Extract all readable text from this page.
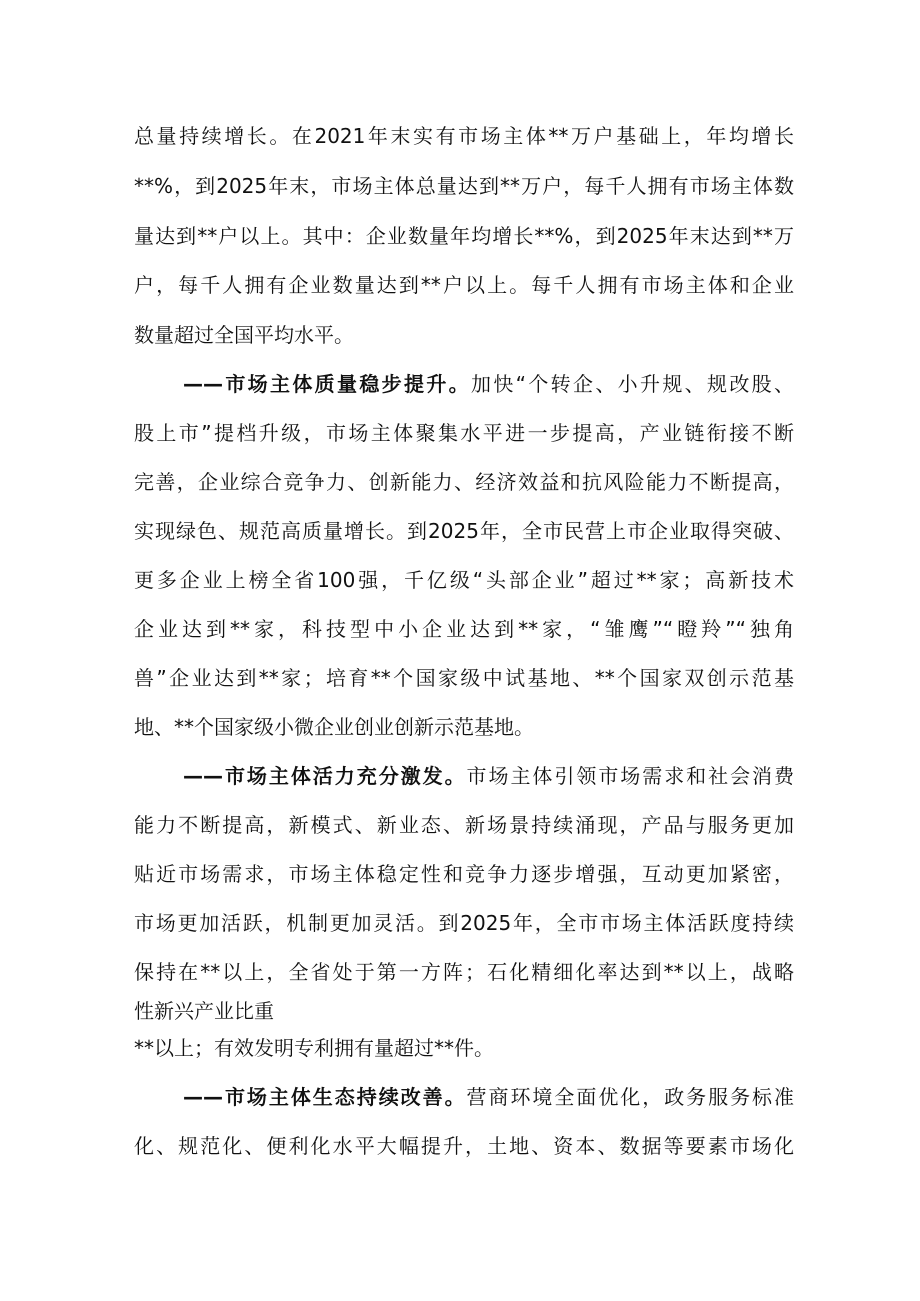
总量持续增长。在2021年末实有市场主体**万户基础上，年均增长
**%，到2025年末，市场主体总量达到**万户，每千人拥有市场主体数
量达到**户以上。其中：企业数量年均增长**%，到2025年末达到**万
户，每千人拥有企业数量达到**户以上。每千人拥有市场主体和企业
数量超过全国平均水平。
——市场主体质量稳步提升。加快“个转企、小升规、规改股、
股上市”提档升级，市场主体聚集水平进一步提高，产业链衔接不断
完善，企业综合竞争力、创新能力、经济效益和抗风险能力不断提高，
实现绿色、规范高质量增长。到2025年，全市民营上市企业取得突破、
更多企业上榜全省100强，千亿级“头部企业”超过**家；高新技术
企业达到**家，科技型中小企业达到**家，“雏鹰”“瞪羚”“独角
兽”企业达到**家；培育**个国家级中试基地、**个国家双创示范基
地、**个国家级小微企业创业创新示范基地。
——市场主体活力充分激发。市场主体引领市场需求和社会消费
能力不断提高，新模式、新业态、新场景持续涌现，产品与服务更加
贴近市场需求，市场主体稳定性和竞争力逐步增强，互动更加紧密，
市场更加活跃，机制更加灵活。到2025年，全市市场主体活跃度持续
保持在**以上，全省处于第一方阵；石化精细化率达到**以上，战略
性新兴产业比重
**以上；有效发明专利拥有量超过**件。
——市场主体生态持续改善。营商环境全面优化，政务服务标准
化、规范化、便利化水平大幅提升，土地、资本、数据等要素市场化
